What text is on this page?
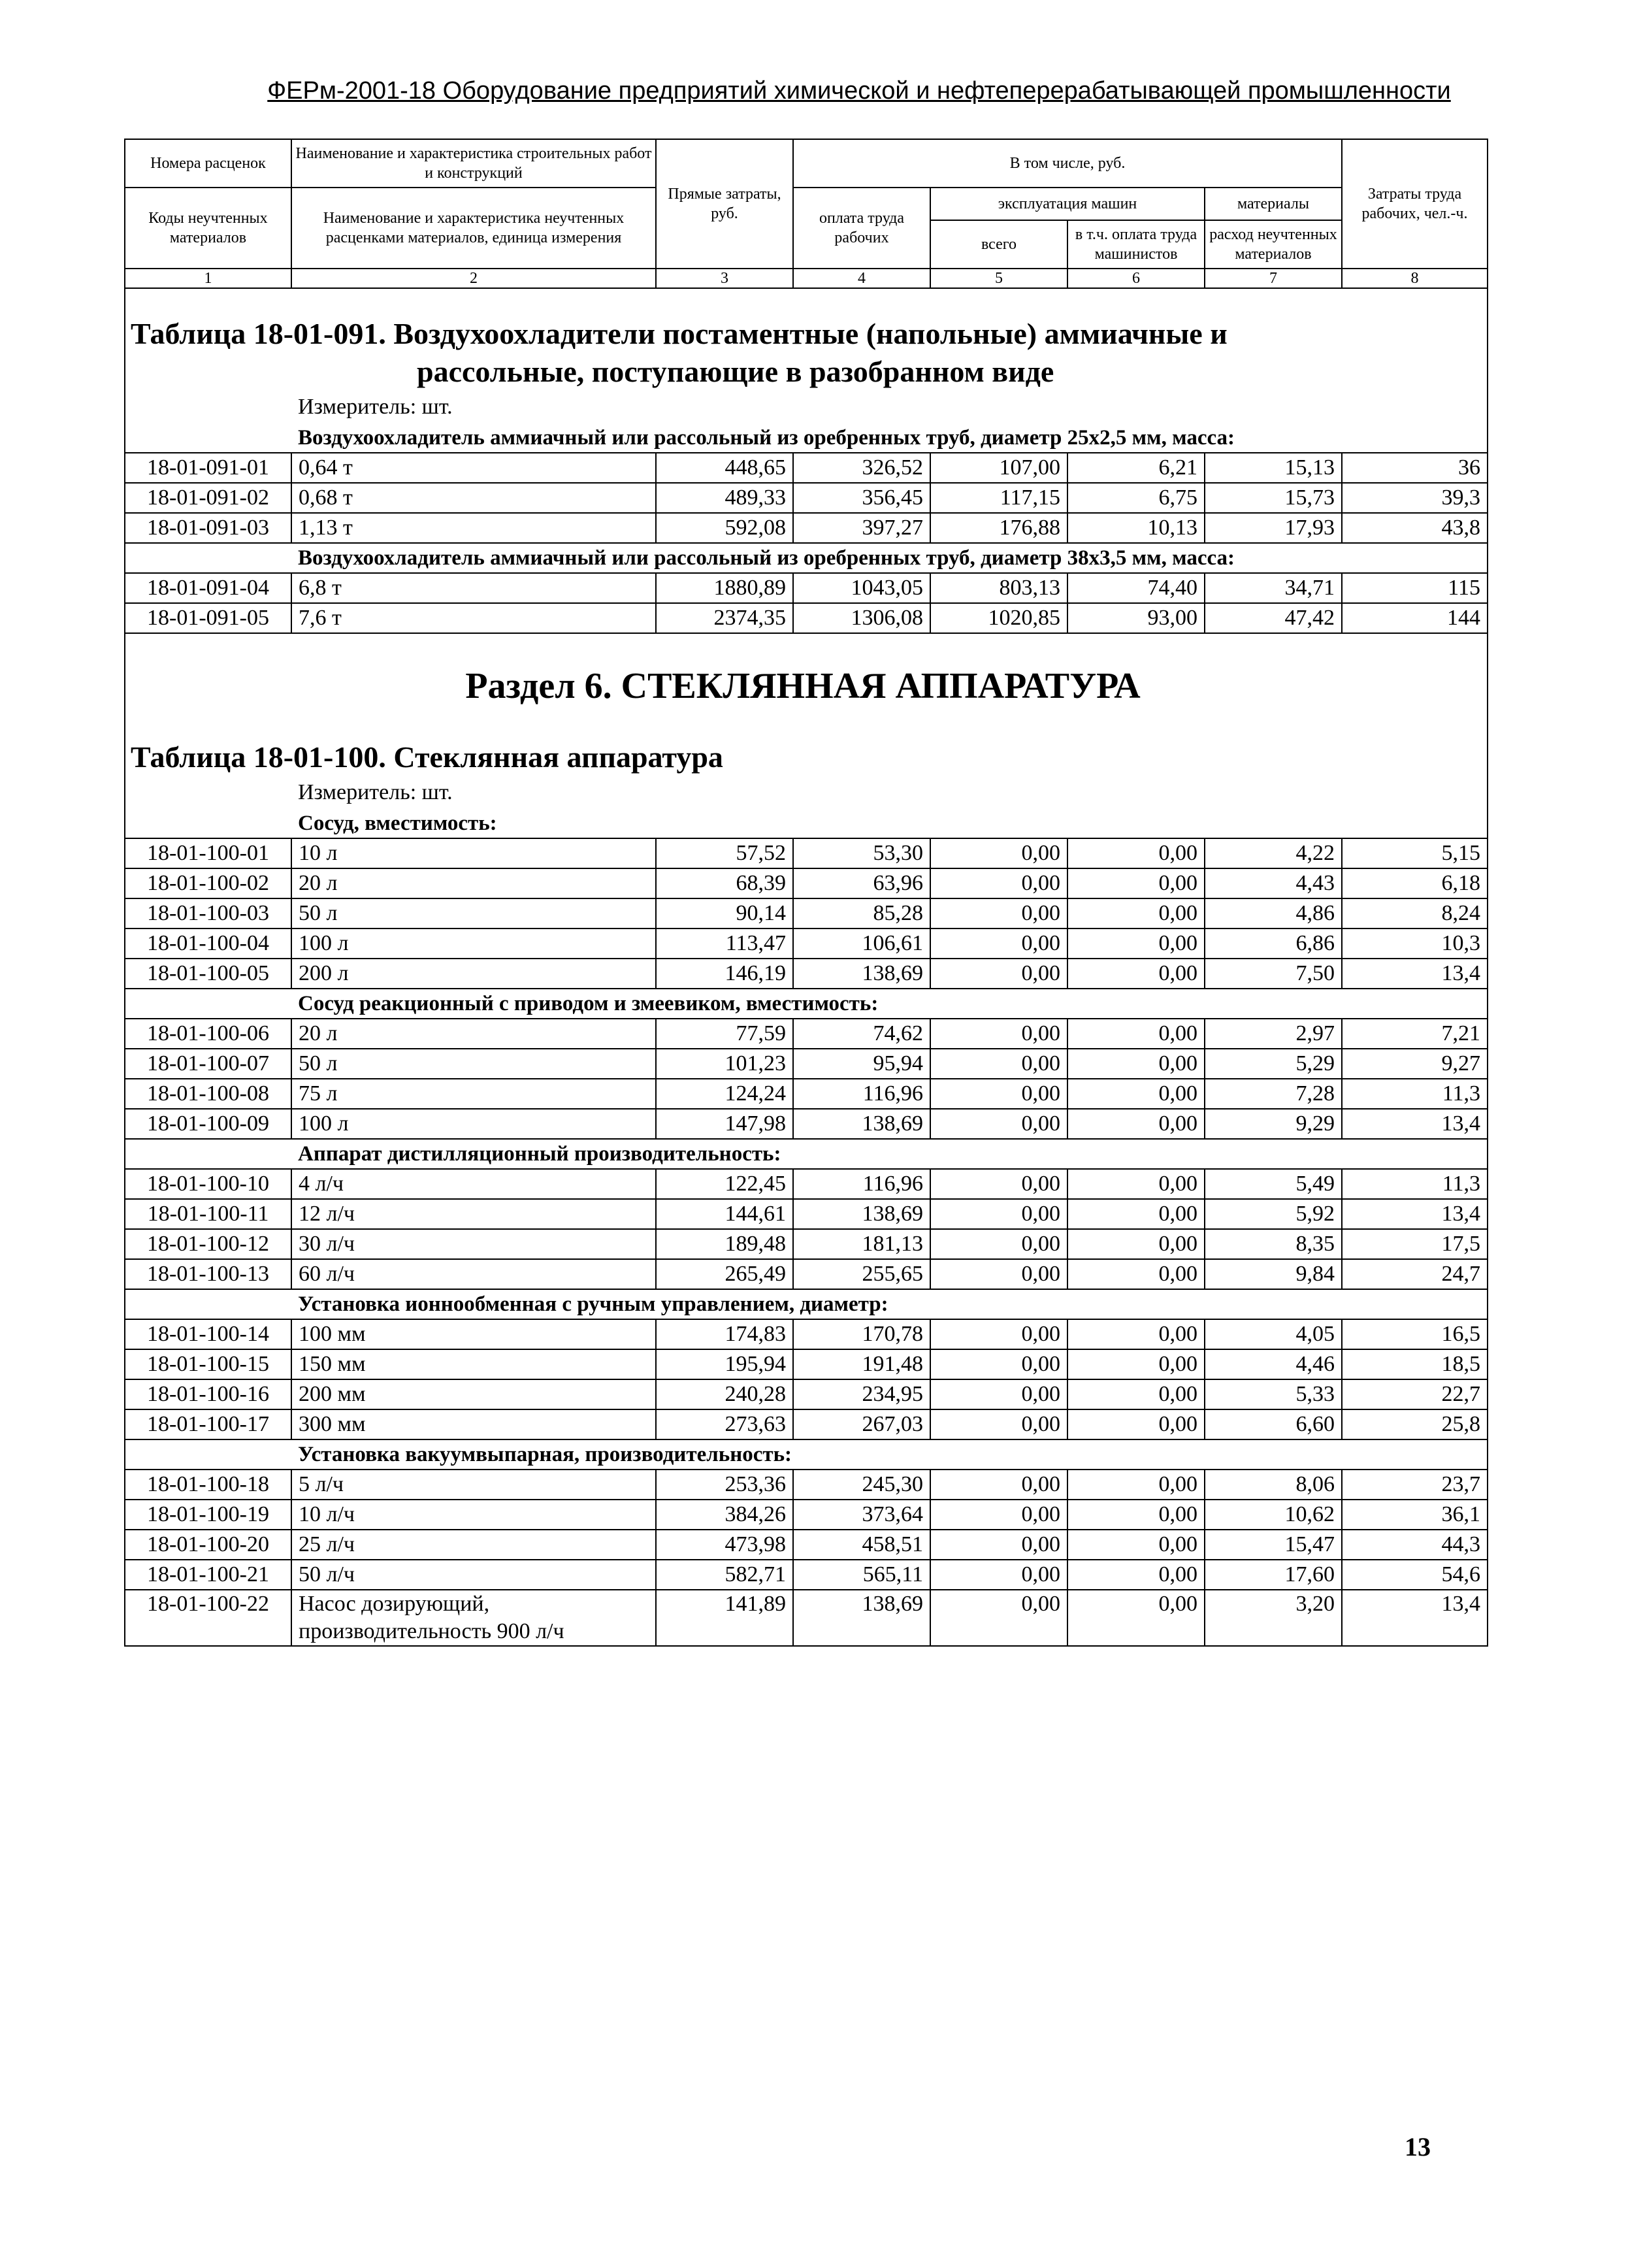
ФЕРм-2001-18 Оборудование предприятий химической и нефтеперерабатывающей промышленности
Номера расценок	Наименование и характеристика строительных работ и конструкций	Прямые затраты, руб.	В том числе, руб.				Затраты труда рабочих, чел.-ч.
Коды неучтенных материалов	Наименование и характеристика неучтенных расценками материалов, единица измерения		оплата труда рабочих	эксплуатация машин		материалы	
				всего	в т.ч. оплата труда машинистов	расход неучтенных материалов	
1	2	3	4	5	6	7	8

Таблица 18-01-091. Воздухоохладители постаментные (напольные) аммиачные и

рассольные, поступающие в разобранном виде							

Измеритель: шт.							
Воздухоохладитель аммиачный или рассольный из оребренных труб, диаметр 25x2,5 мм, масса:							
18-01-091-01	0,64 т	448,65	326,52	107,00	6,21	15,13	36
18-01-091-02	0,68 т	489,33	356,45	117,15	6,75	15,73	39,3
18-01-091-03	1,13 т	592,08	397,27	176,88	10,13	17,93	43,8
Воздухоохладитель аммиачный или рассольный из оребренных труб, диаметр 38x3,5 мм, масса:							
18-01-091-04	6,8 т	1880,89	1043,05	803,13	74,40	34,71	115
18-01-091-05	7,6 т	2374,35	1306,08	1020,85	93,00	47,42	144
Раздел 6. СТЕКЛЯННАЯ АППАРАТУРА							
Таблица 18-01-100. Стеклянная аппаратура							
Измеритель: шт.							
Сосуд, вместимость:							
18-01-100-01	10 л	57,52	53,30	0,00	0,00	4,22	5,15
18-01-100-02	20 л	68,39	63,96	0,00	0,00	4,43	6,18
18-01-100-03	50 л	90,14	85,28	0,00	0,00	4,86	8,24
18-01-100-04	100 л	113,47	106,61	0,00	0,00	6,86	10,3
18-01-100-05	200 л	146,19	138,69	0,00	0,00	7,50	13,4
Сосуд реакционный с приводом и змеевиком, вместимость:							
18-01-100-06	20 л	77,59	74,62	0,00	0,00	2,97	7,21
18-01-100-07	50 л	101,23	95,94	0,00	0,00	5,29	9,27
18-01-100-08	75 л	124,24	116,96	0,00	0,00	7,28	11,3
18-01-100-09	100 л	147,98	138,69	0,00	0,00	9,29	13,4
Аппарат дистилляционный производительность:							
18-01-100-10	4 л/ч	122,45	116,96	0,00	0,00	5,49	11,3
18-01-100-11	12 л/ч	144,61	138,69	0,00	0,00	5,92	13,4
18-01-100-12	30 л/ч	189,48	181,13	0,00	0,00	8,35	17,5
18-01-100-13	60 л/ч	265,49	255,65	0,00	0,00	9,84	24,7
Установка ионнообменная с ручным управлением, диаметр:							
18-01-100-14	100 мм	174,83	170,78	0,00	0,00	4,05	16,5
18-01-100-15	150 мм	195,94	191,48	0,00	0,00	4,46	18,5
18-01-100-16	200 мм	240,28	234,95	0,00	0,00	5,33	22,7
18-01-100-17	300 мм	273,63	267,03	0,00	0,00	6,60	25,8
Установка вакуумвыпарная, производительность:							
18-01-100-18	5 л/ч	253,36	245,30	0,00	0,00	8,06	23,7
18-01-100-19	10 л/ч	384,26	373,64	0,00	0,00	10,62	36,1
18-01-100-20	25 л/ч	473,98	458,51	0,00	0,00	15,47	44,3
18-01-100-21	50 л/ч	582,71	565,11	0,00	0,00	17,60	54,6
18-01-100-22	Насос дозирующий, производительность 900 л/ч	141,89	138,69	0,00	0,00	3,20	13,4
13
